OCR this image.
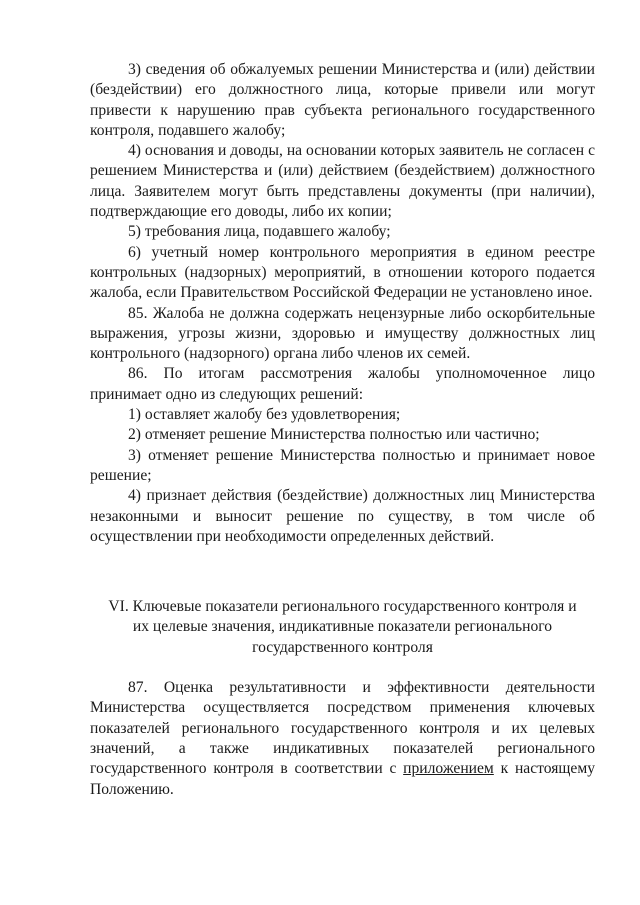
3) сведения об обжалуемых решении Министерства и (или) действии (бездействии) его должностного лица, которые привели или могут привести к нарушению прав субъекта регионального государственного контроля, подавшего жалобу;

4) основания и доводы, на основании которых заявитель не согласен с решением Министерства и (или) действием (бездействием) должностного лица. Заявителем могут быть представлены документы (при наличии), подтверждающие его доводы, либо их копии;

5) требования лица, подавшего жалобу;

6) учетный номер контрольного мероприятия в едином реестре контрольных (надзорных) мероприятий, в отношении которого подается жалоба, если Правительством Российской Федерации не установлено иное.

85. Жалоба не должна содержать нецензурные либо оскорбительные выражения, угрозы жизни, здоровью и имуществу должностных лиц контрольного (надзорного) органа либо членов их семей.

86. По итогам рассмотрения жалобы уполномоченное лицо принимает одно из следующих решений:

1) оставляет жалобу без удовлетворения;

2) отменяет решение Министерства полностью или частично;

3) отменяет решение Министерства полностью и принимает новое решение;

4) признает действия (бездействие) должностных лиц Министерства незаконными и выносит решение по существу, в том числе об осуществлении при необходимости определенных действий.

VI. Ключевые показатели регионального государственного контроля и
их целевые значения, индикативные показатели регионального
государственного контроля

87. Оценка результативности и эффективности деятельности Министерства осуществляется посредством применения ключевых показателей регионального государственного контроля и их целевых значений, а также индикативных показателей регионального государственного контроля в соответствии с приложением к настоящему Положению.
